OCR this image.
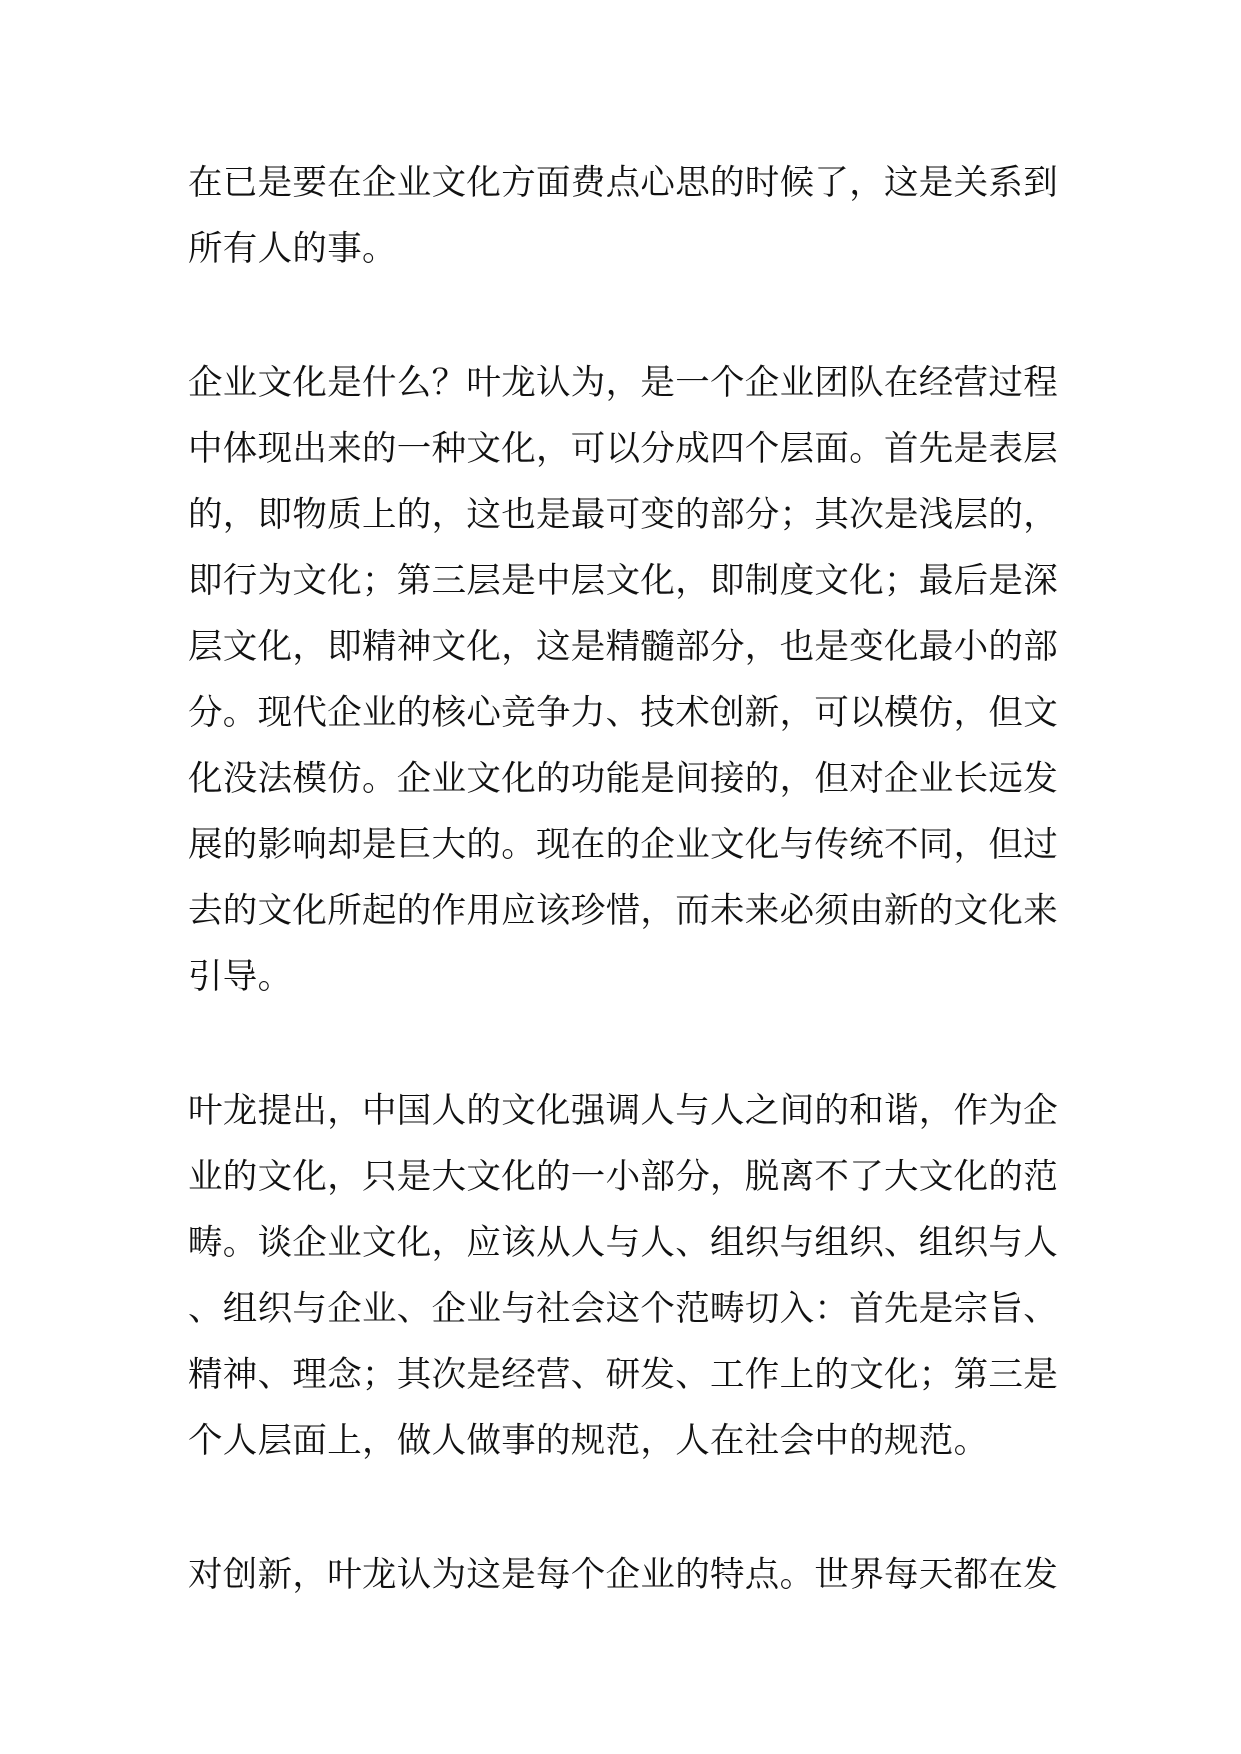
在已是要在企业文化方面费点心思的时候了，这是关系到
所有人的事。
企业文化是什么？叶龙认为，是一个企业团队在经营过程
中体现出来的一种文化，可以分成四个层面。首先是表层
的，即物质上的，这也是最可变的部分；其次是浅层的，
即行为文化；第三层是中层文化，即制度文化；最后是深
层文化，即精神文化，这是精髓部分，也是变化最小的部
分。现代企业的核心竞争力、技术创新，可以模仿，但文
化没法模仿。企业文化的功能是间接的，但对企业长远发
展的影响却是巨大的。现在的企业文化与传统不同，但过
去的文化所起的作用应该珍惜，而未来必须由新的文化来
引导。
叶龙提出，中国人的文化强调人与人之间的和谐，作为企
业的文化，只是大文化的一小部分，脱离不了大文化的范
畴。谈企业文化，应该从人与人、组织与组织、组织与人
、组织与企业、企业与社会这个范畴切入：首先是宗旨、
精神、理念；其次是经营、研发、工作上的文化；第三是
个人层面上，做人做事的规范，人在社会中的规范。
对创新，叶龙认为这是每个企业的特点。世界每天都在发
